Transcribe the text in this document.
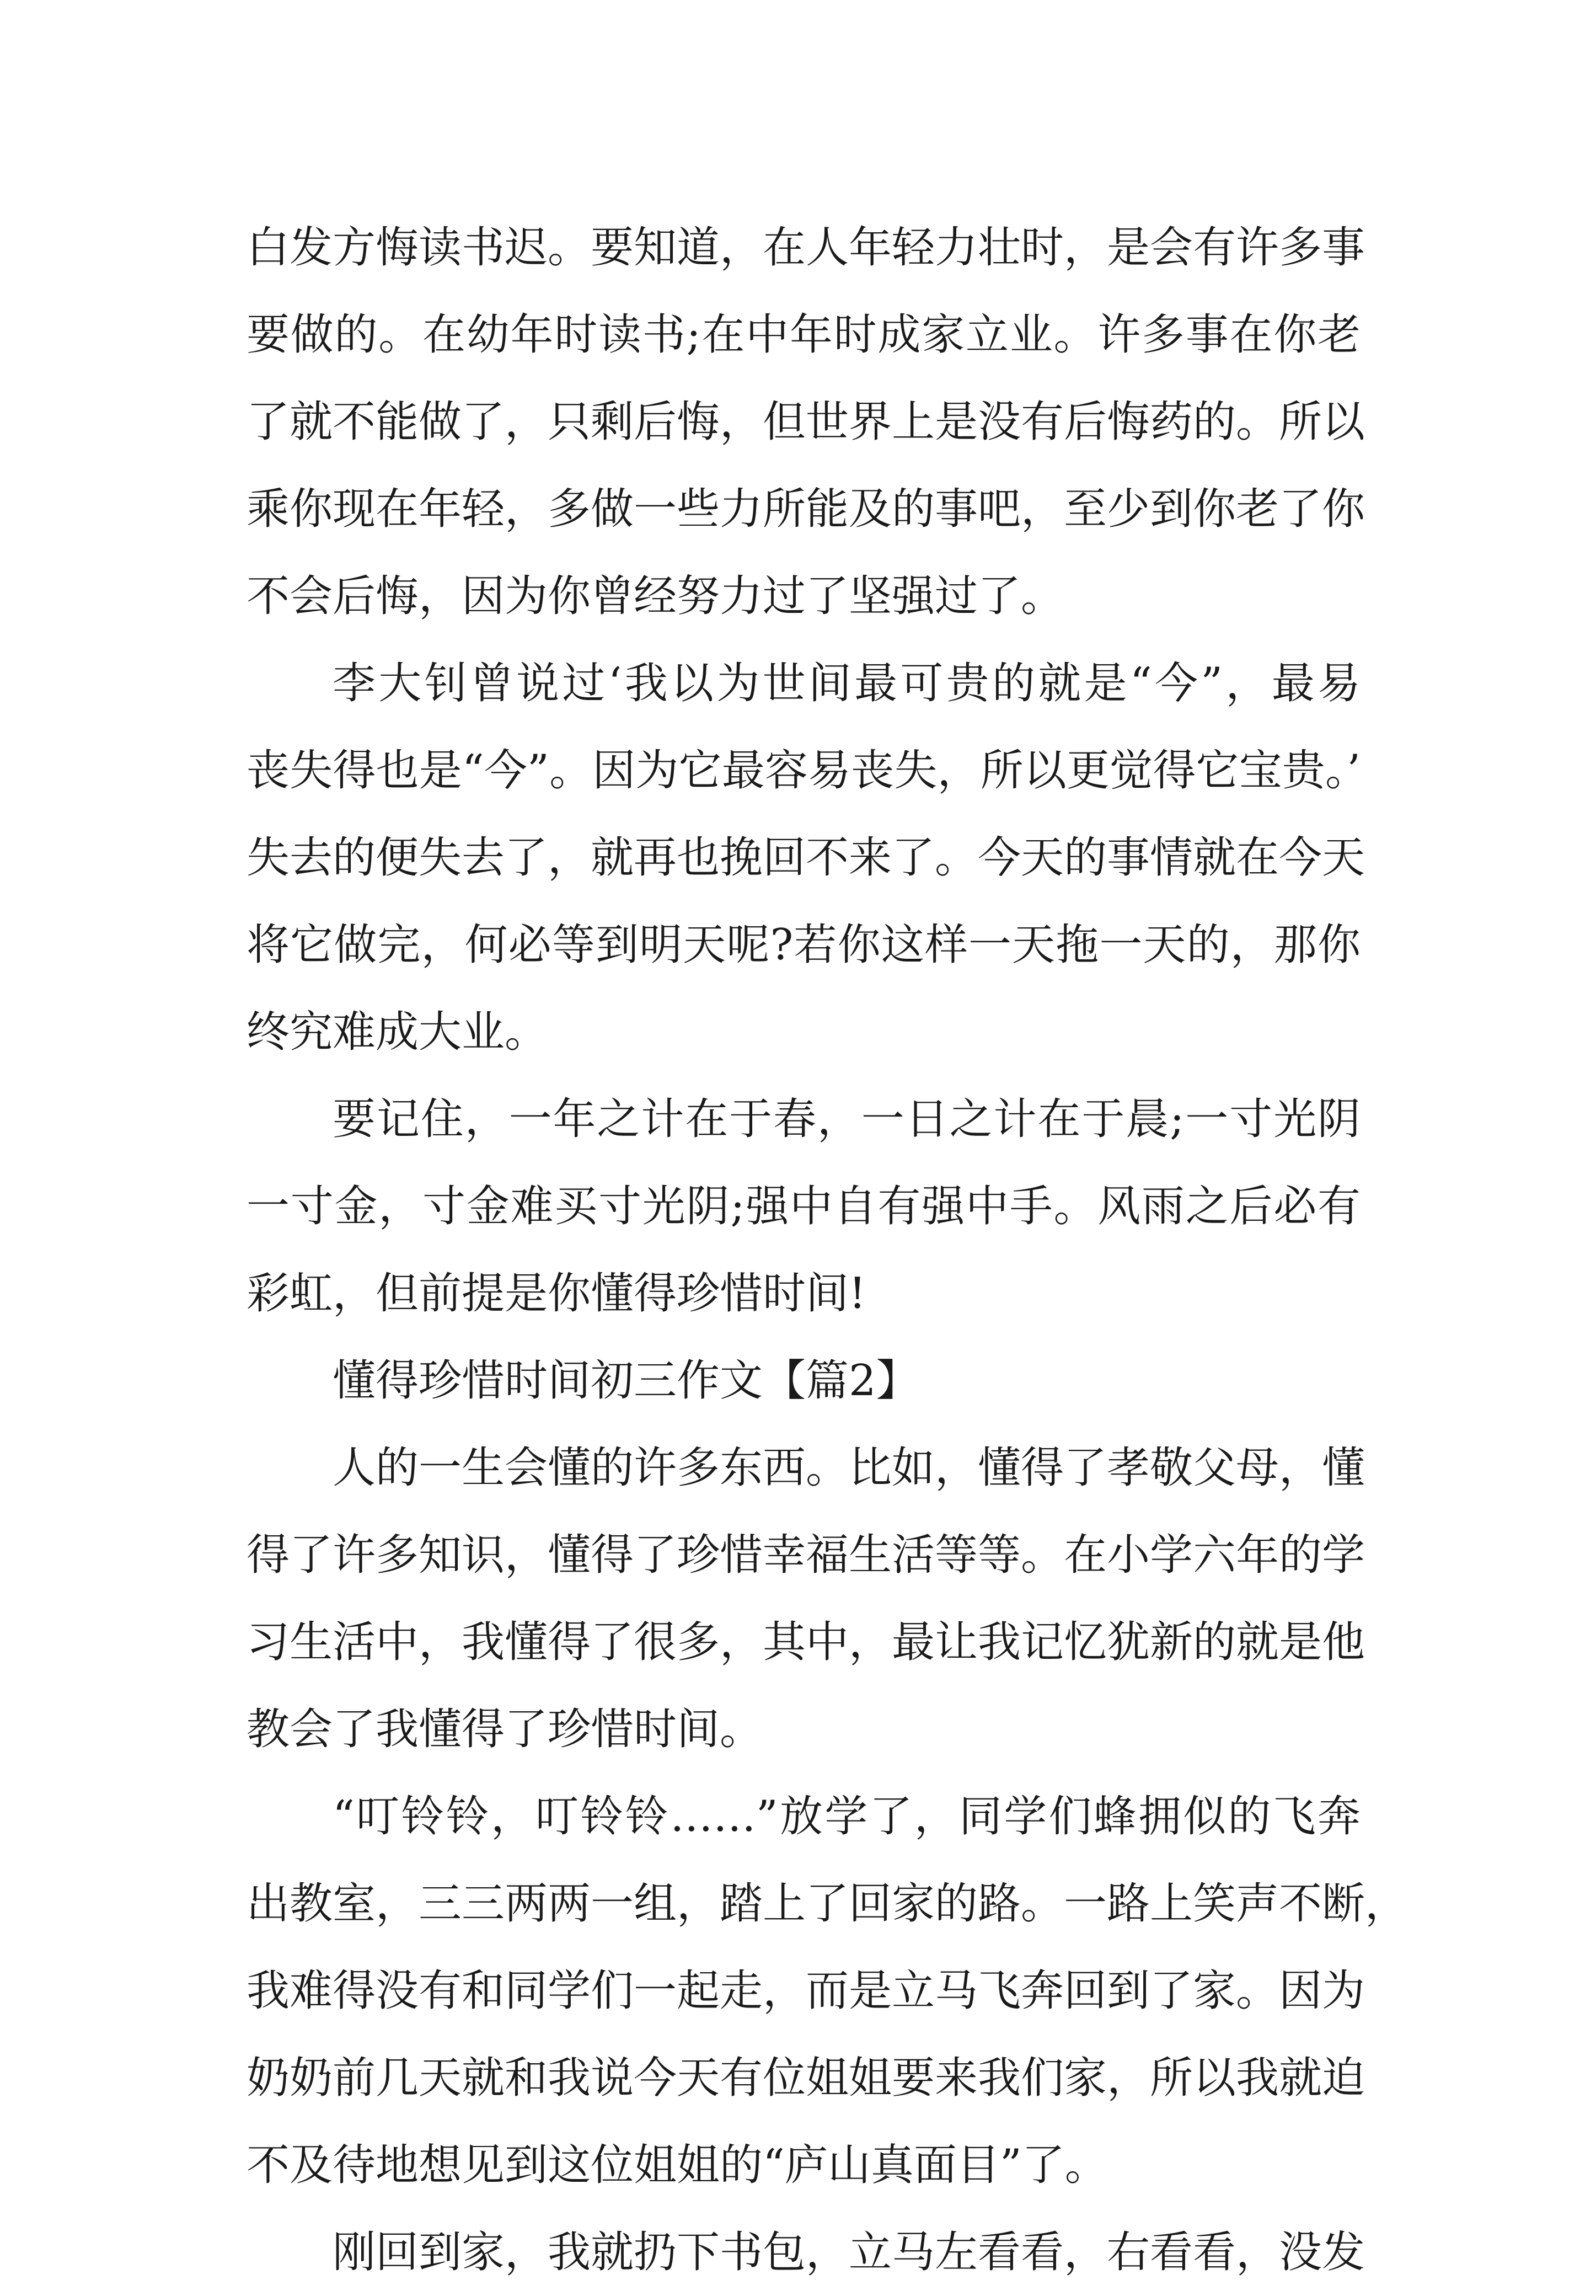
白发方悔读书迟。要知道，在人年轻力壮时，是会有许多事
要做的。在幼年时读书;在中年时成家立业。许多事在你老
了就不能做了，只剩后悔，但世界上是没有后悔药的。所以
乘你现在年轻，多做一些力所能及的事吧，至少到你老了你
不会后悔，因为你曾经努力过了坚强过了。
李大钊曾说过‘我以为世间最可贵的就是“今”，最易
丧失得也是“今”。因为它最容易丧失，所以更觉得它宝贵。’
失去的便失去了，就再也挽回不来了。今天的事情就在今天
将它做完，何必等到明天呢?若你这样一天拖一天的，那你
终究难成大业。
要记住，一年之计在于春，一日之计在于晨;一寸光阴
一寸金，寸金难买寸光阴;强中自有强中手。风雨之后必有
彩虹，但前提是你懂得珍惜时间!
懂得珍惜时间初三作文【篇2】
人的一生会懂的许多东西。比如，懂得了孝敬父母，懂
得了许多知识，懂得了珍惜幸福生活等等。在小学六年的学
习生活中，我懂得了很多，其中，最让我记忆犹新的就是他
教会了我懂得了珍惜时间。
“叮铃铃，叮铃铃……”放学了，同学们蜂拥似的飞奔
出教室，三三两两一组，踏上了回家的路。一路上笑声不断，
我难得没有和同学们一起走，而是立马飞奔回到了家。因为
奶奶前几天就和我说今天有位姐姐要来我们家，所以我就迫
不及待地想见到这位姐姐的“庐山真面目”了。
刚回到家，我就扔下书包，立马左看看，右看看，没发
